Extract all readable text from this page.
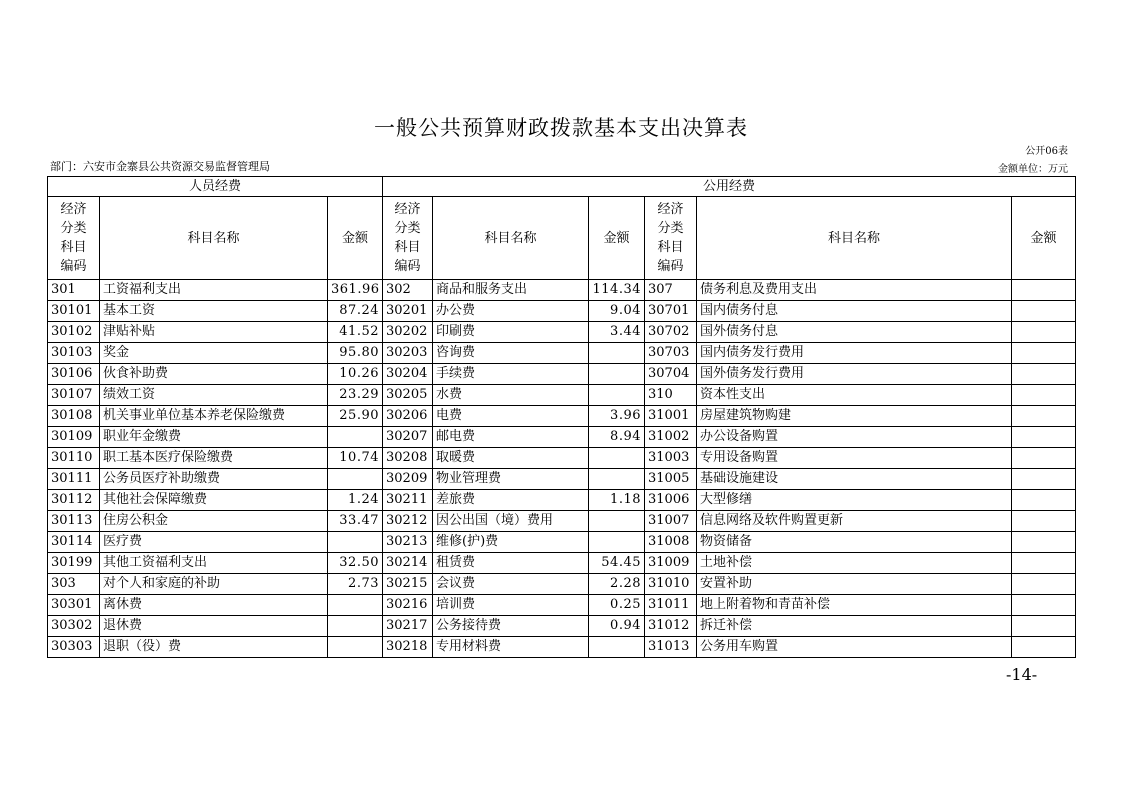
一般公共预算财政拨款基本支出决算表
公开06表
部门：六安市金寨县公共资源交易监督管理局	金额单位：万元
人员经费			公用经费					

经济分类科目编码	科目名称	金额	经济分类科目编码	科目名称	金额	经济分类科目编码	科目名称	金额
301	工资福利支出	361.96	302	商品和服务支出	114.34	307	债务利息及费用支出	
30101	基本工资	87.24	30201	办公费	9.04	30701	国内债务付息	
30102	津贴补贴	41.52	30202	印刷费	3.44	30702	国外债务付息	
30103	奖金	95.80	30203	咨询费		30703	国内债务发行费用	
30106	伙食补助费	10.26	30204	手续费		30704	国外债务发行费用	
30107	绩效工资	23.29	30205	水费		310	资本性支出	
30108	机关事业单位基本养老保险缴费	25.90	30206	电费	3.96	31001	房屋建筑物购建	
30109	职业年金缴费		30207	邮电费	8.94	31002	办公设备购置	
30110	职工基本医疗保险缴费	10.74	30208	取暖费		31003	专用设备购置	
30111	公务员医疗补助缴费		30209	物业管理费		31005	基础设施建设	
30112	其他社会保障缴费	1.24	30211	差旅费	1.18	31006	大型修缮	
30113	住房公积金	33.47	30212	因公出国（境）费用		31007	信息网络及软件购置更新	
30114	医疗费		30213	维修(护)费		31008	物资储备	
30199	其他工资福利支出	32.50	30214	租赁费	54.45	31009	土地补偿	
303	对个人和家庭的补助	2.73	30215	会议费	2.28	31010	安置补助	
30301	离休费		30216	培训费	0.25	31011	地上附着物和青苗补偿	
30302	退休费		30217	公务接待费	0.94	31012	拆迁补偿	
30303	退职（役）费		30218	专用材料费		31013	公务用车购置	
-14-
